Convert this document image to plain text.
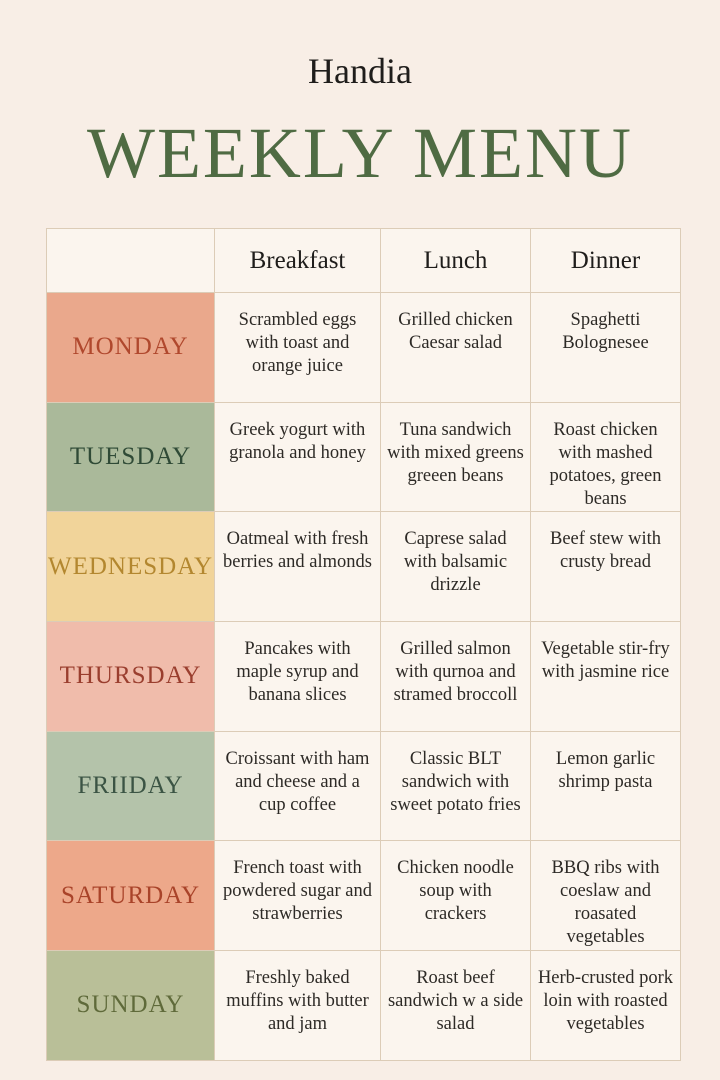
Handia
WEEKLY MENU
Breakfast	Lunch	Dinner
MONDAY
Scrambled eggs with toast and orange juice
Grilled chicken Caesar salad
Spaghetti Bolognesee
TUESDAY
Greek yogurt with granola and honey
Tuna sandwich with mixed greens greeen beans
Roast chicken with mashed potatoes, green beans
WEDNESDAY
Oatmeal with fresh berries and almonds
Caprese salad with balsamic drizzle
Beef stew with crusty bread
THURSDAY
Pancakes with maple syrup and banana slices
Grilled salmon with qurnoa and stramed broccoll
Vegetable stir-fry with jasmine rice
FRIIDAY
Croissant with ham and cheese and a cup coffee
Classic BLT sandwich with sweet potato fries
Lemon garlic shrimp pasta
SATURDAY
French toast with powdered sugar and strawberries
Chicken noodle soup with crackers
BBQ ribs with coeslaw and roasated vegetables
SUNDAY
Freshly baked muffins with butter and jam
Roast beef sandwich w a side salad
Herb-crusted pork loin with roasted vegetables
